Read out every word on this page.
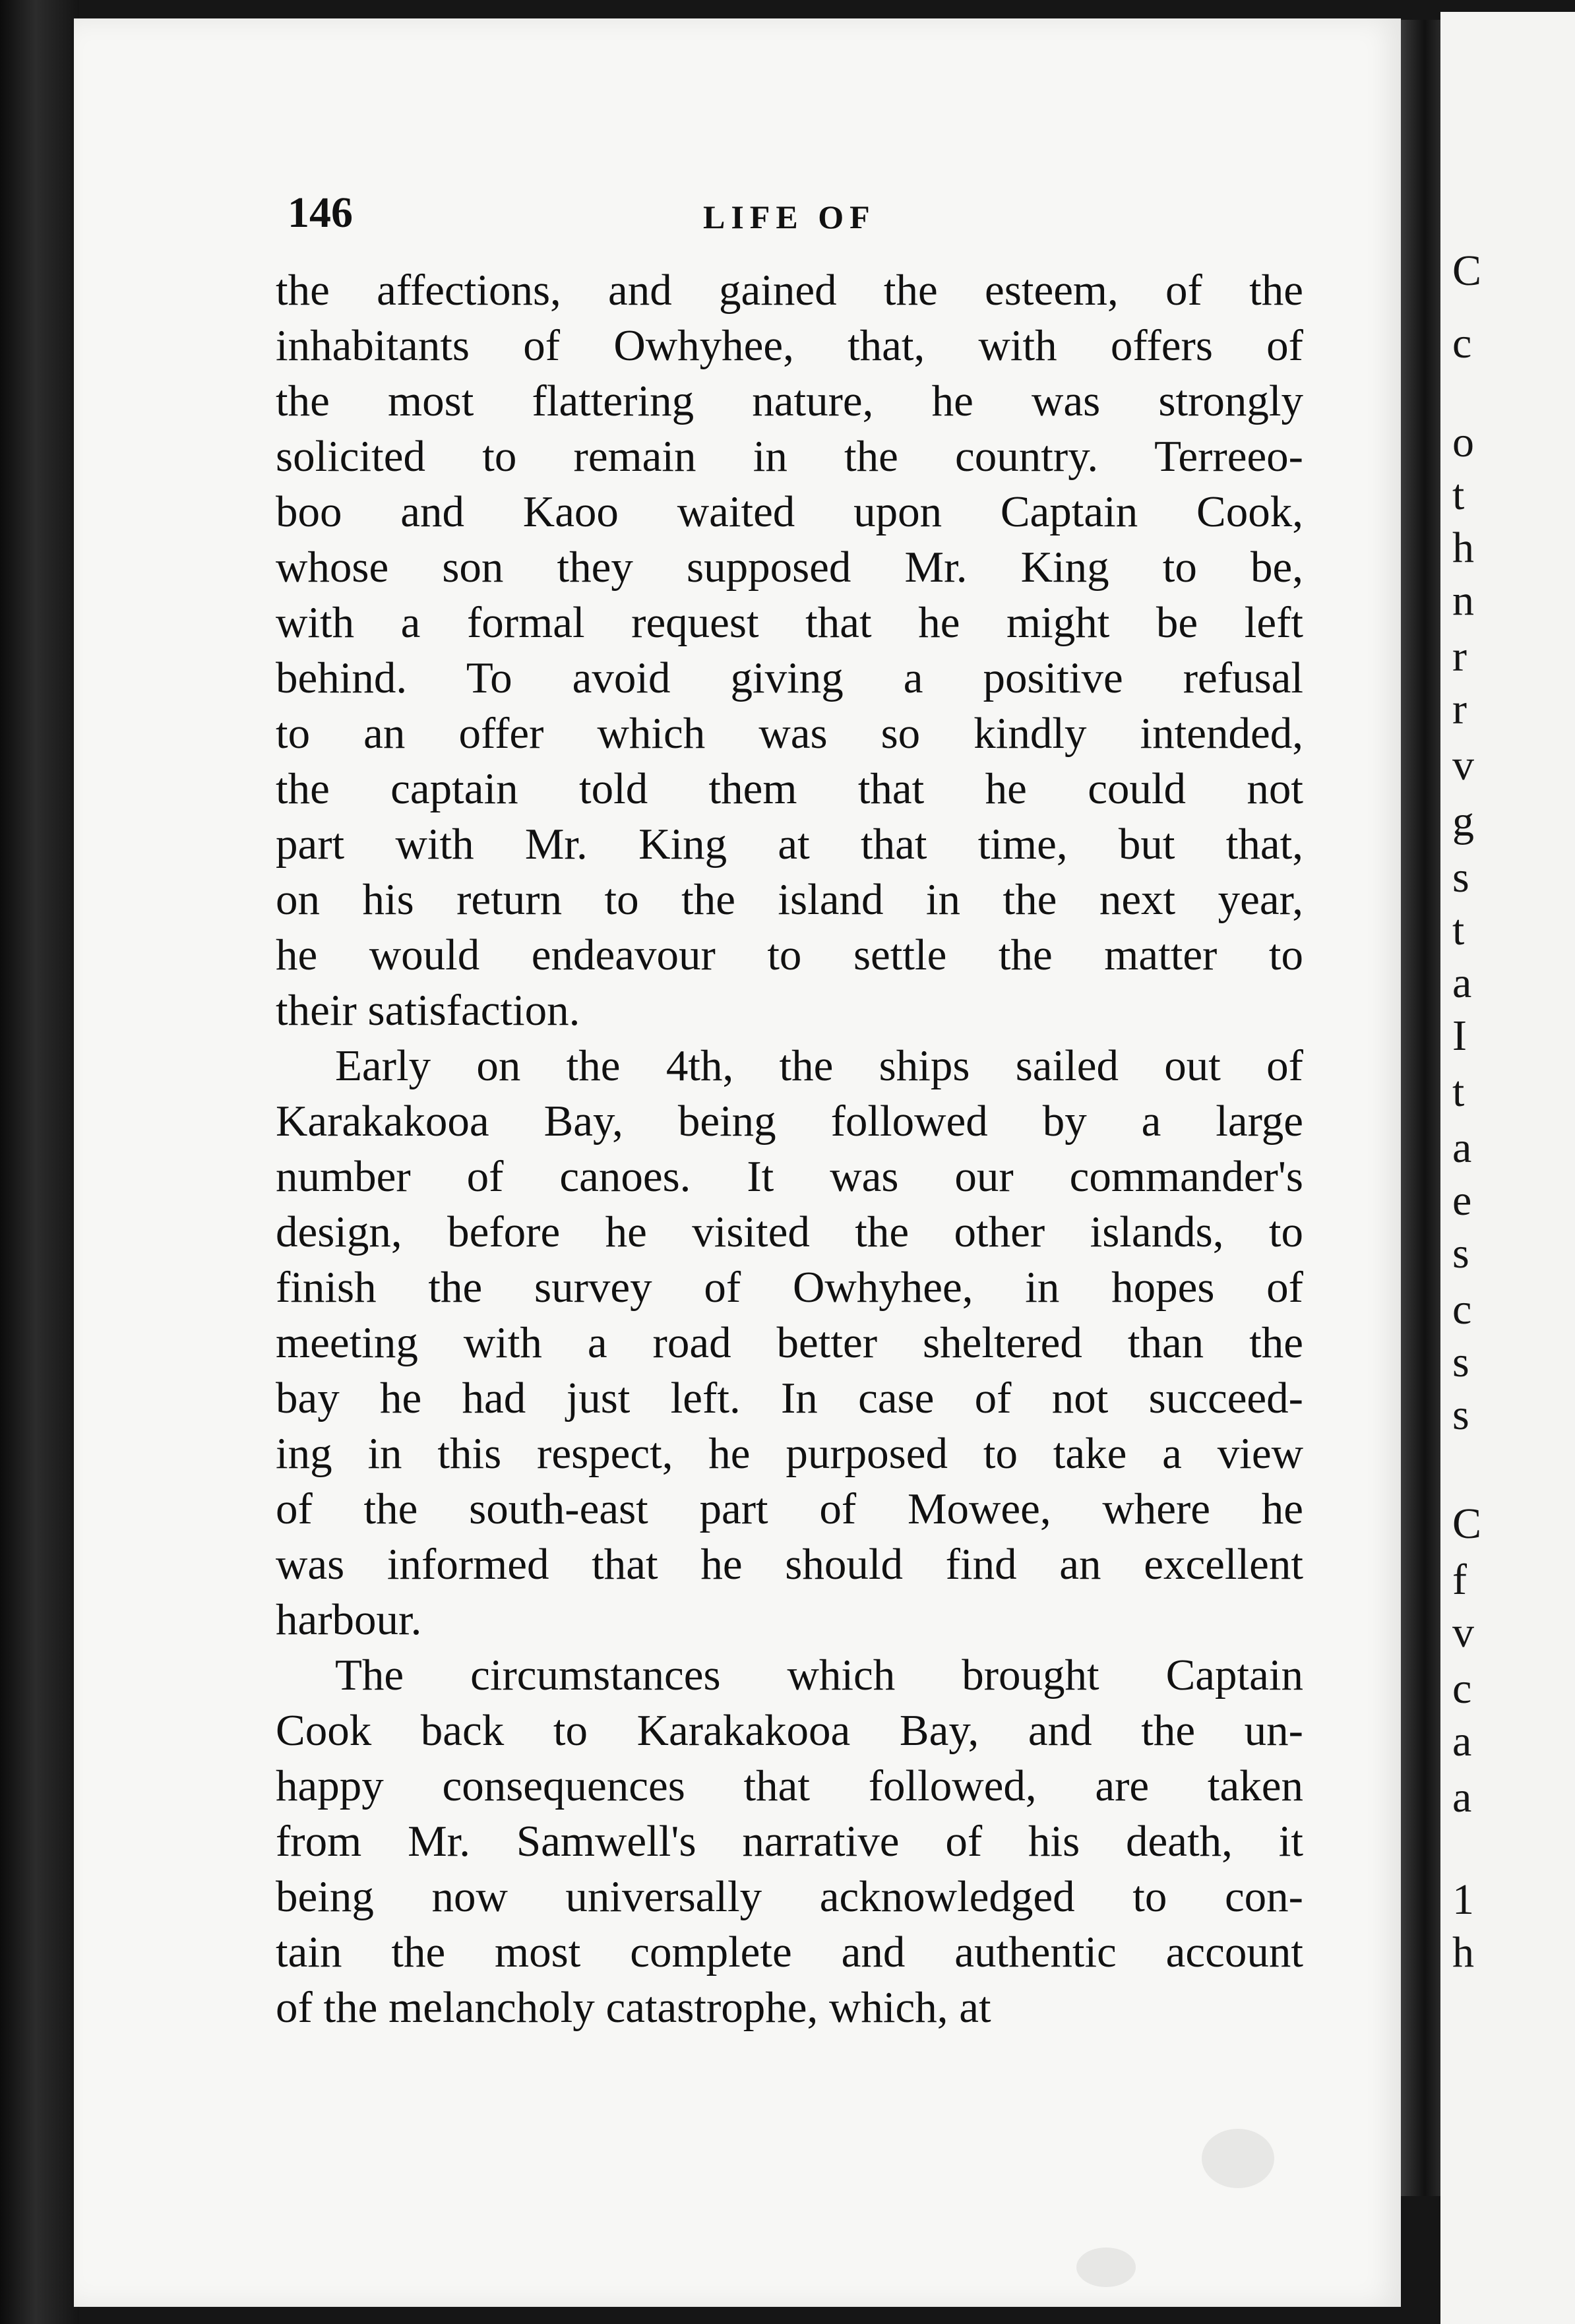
C
c
o
t
h
n
r
r
v
g
s
t
a
I
t
a
e
s
c
s
s
C
f
v
c
a
a
1
h
146	LIFE OF
the affections, and gained the esteem, of the
inhabitants of Owhyhee, that, with offers of
the most flattering nature, he was strongly
solicited to remain in the country. Terreeo-
boo and Kaoo waited upon Captain Cook,
whose son they supposed Mr. King to be,
with a formal request that he might be left
behind. To avoid giving a positive refusal
to an offer which was so kindly intended,
the captain told them that he could not
part with Mr. King at that time, but that,
on his return to the island in the next year,
he would endeavour to settle the matter to
their satisfaction.
Early on the 4th, the ships sailed out of
Karakakooa Bay, being followed by a large
number of canoes. It was our commander's
design, before he visited the other islands, to
finish the survey of Owhyhee, in hopes of
meeting with a road better sheltered than the
bay he had just left. In case of not succeed-
ing in this respect, he purposed to take a view
of the south-east part of Mowee, where he
was informed that he should find an excellent
harbour.
The circumstances which brought Captain
Cook back to Karakakooa Bay, and the un-
happy consequences that followed, are taken
from Mr. Samwell's narrative of his death, it
being now universally acknowledged to con-
tain the most complete and authentic account
of the melancholy catastrophe, which, at
